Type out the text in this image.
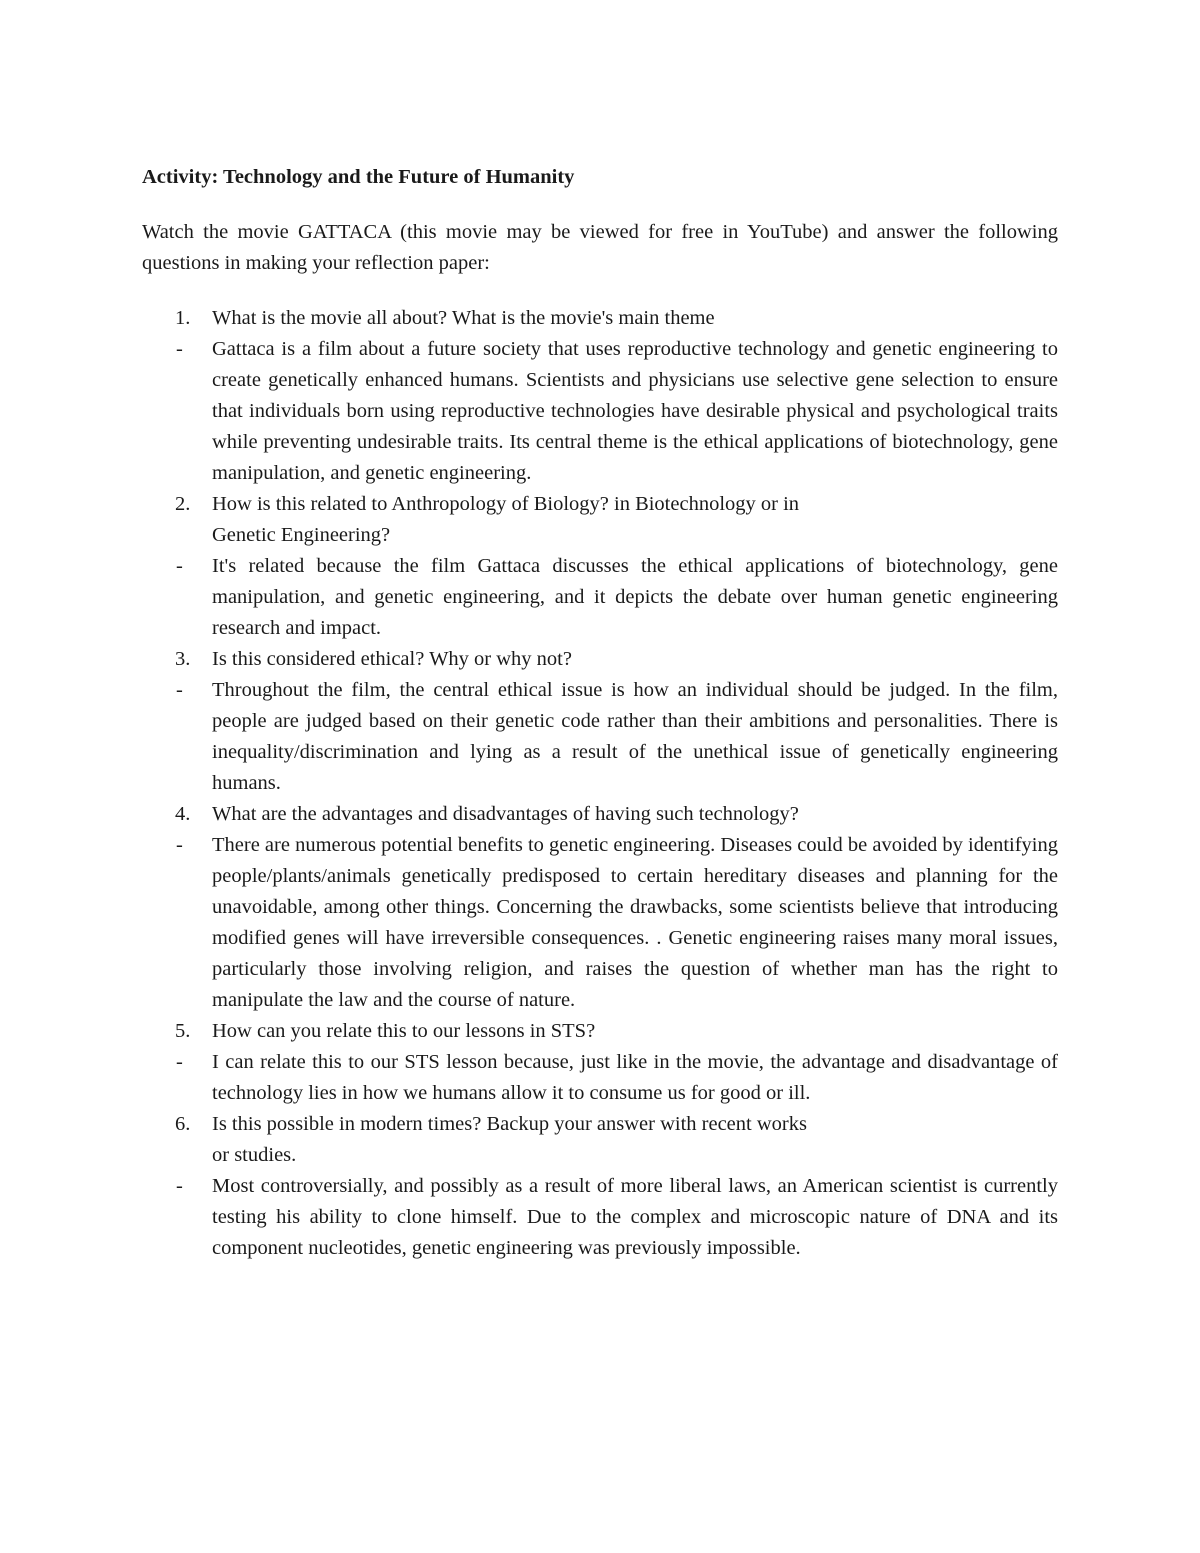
Activity: Technology and the Future of Humanity
Watch the movie GATTACA (this movie may be viewed for free in YouTube) and answer the following questions in making your reflection paper:
1.	What is the movie all about? What is the movie's main theme
-	Gattaca is a film about a future society that uses reproductive technology and genetic engineering to create genetically enhanced humans. Scientists and physicians use selective gene selection to ensure that individuals born using reproductive technologies have desirable physical and psychological traits while preventing undesirable traits. Its central theme is the ethical applications of biotechnology, gene manipulation, and genetic engineering.
2.	How is this related to Anthropology of Biology? in Biotechnology or in
Genetic Engineering?
-	It's related because the film Gattaca discusses the ethical applications of biotechnology, gene manipulation, and genetic engineering, and it depicts the debate over human genetic engineering research and impact.
3.	Is this considered ethical? Why or why not?
-	Throughout the film, the central ethical issue is how an individual should be judged. In the film, people are judged based on their genetic code rather than their ambitions and personalities. There is inequality/discrimination and lying as a result of the unethical issue of genetically engineering humans.
4.	What are the advantages and disadvantages of having such technology?
-	There are numerous potential benefits to genetic engineering. Diseases could be avoided by identifying people/plants/animals genetically predisposed to certain hereditary diseases and planning for the unavoidable, among other things. Concerning the drawbacks, some scientists believe that introducing modified genes will have irreversible consequences. . Genetic engineering raises many moral issues, particularly those involving religion, and raises the question of whether man has the right to manipulate the law and the course of nature.
5.	How can you relate this to our lessons in STS?
-	I can relate this to our STS lesson because, just like in the movie, the advantage and disadvantage of technology lies in how we humans allow it to consume us for good or ill.
6.	Is this possible in modern times? Backup your answer with recent works
or studies.
-	Most controversially, and possibly as a result of more liberal laws, an American scientist is currently testing his ability to clone himself. Due to the complex and microscopic nature of DNA and its component nucleotides, genetic engineering was previously impossible.
